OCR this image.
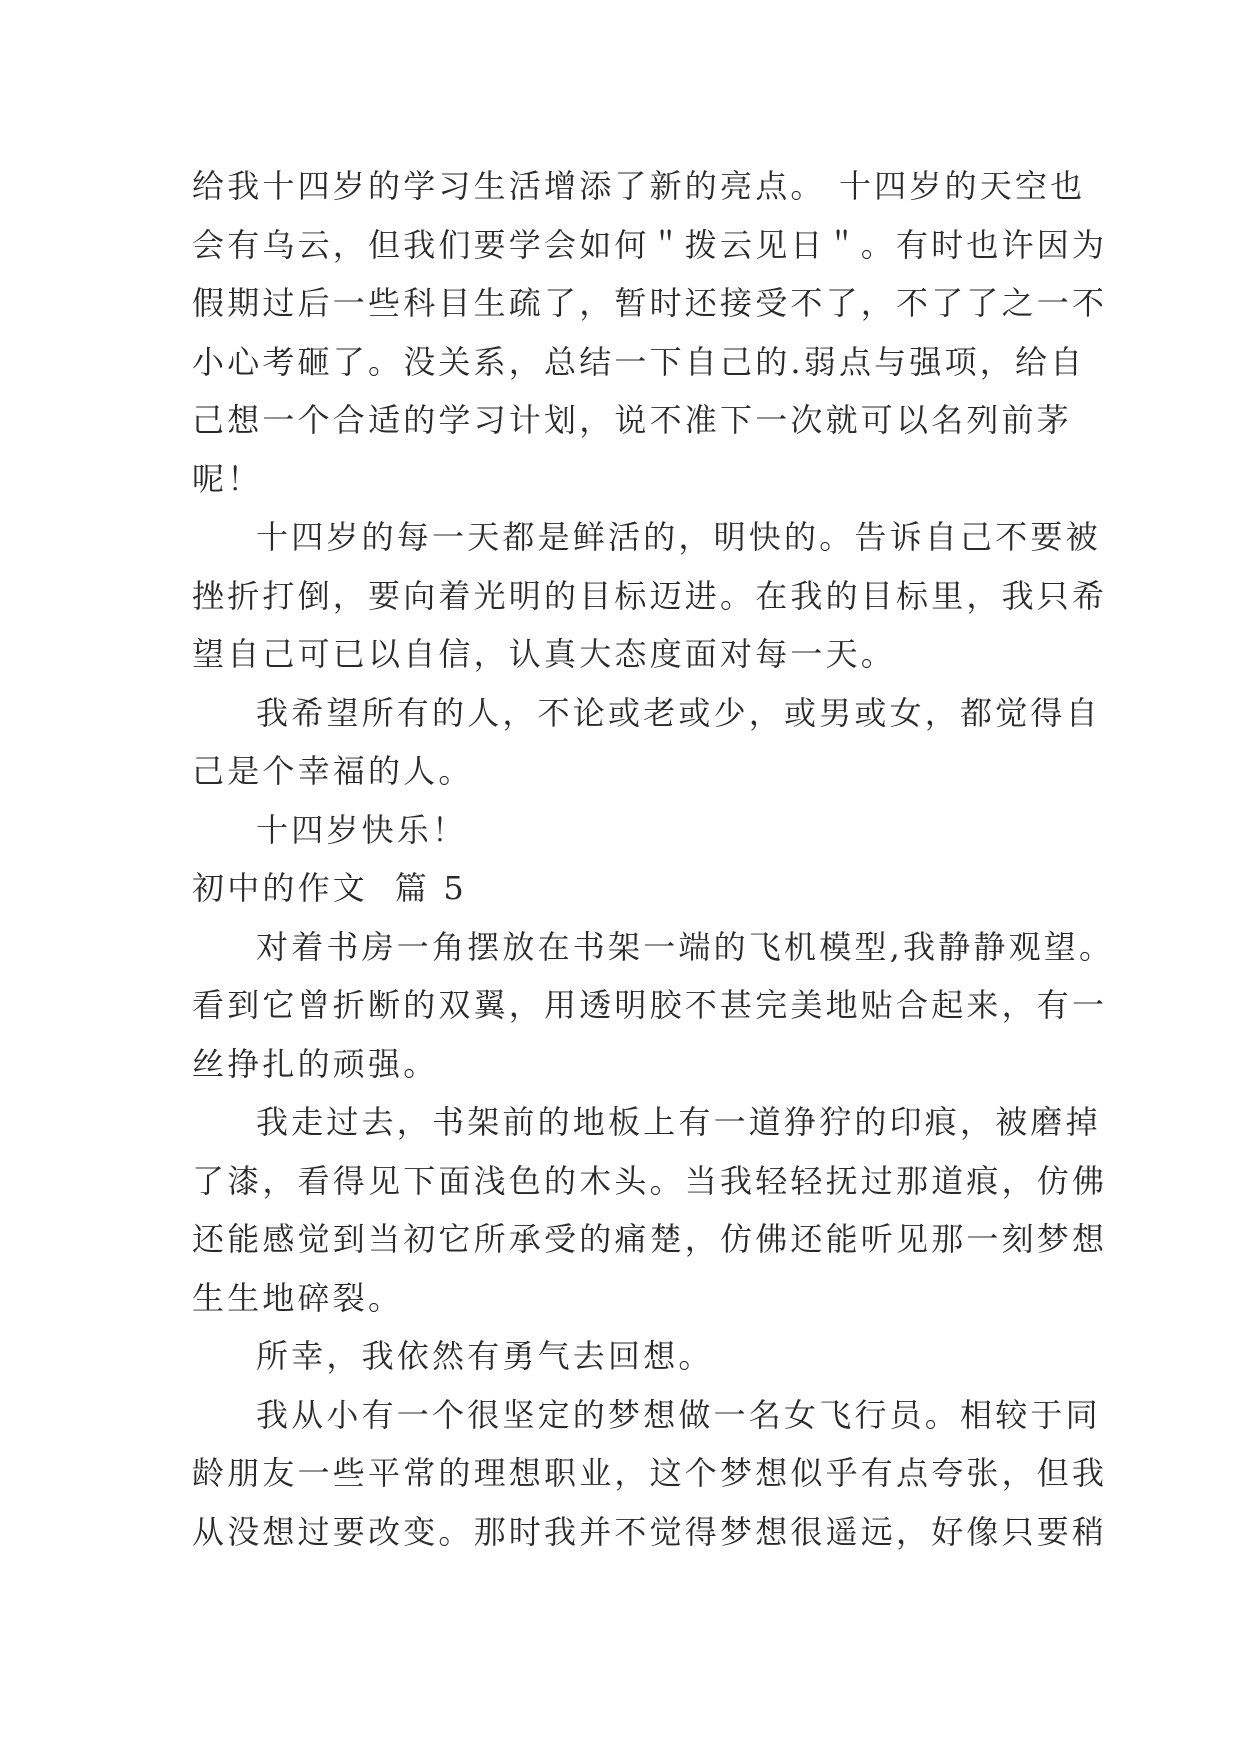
给我十四岁的学习生活增添了新的亮点。 十四岁的天空也
会有乌云，但我们要学会如何＂拨云见日＂。有时也许因为
假期过后一些科目生疏了，暂时还接受不了，不了了之一不
小心考砸了。没关系，总结一下自己的.弱点与强项，给自
己想一个合适的学习计划，说不准下一次就可以名列前茅
呢！
十四岁的每一天都是鲜活的，明快的。告诉自己不要被
挫折打倒，要向着光明的目标迈进。在我的目标里，我只希
望自己可已以自信，认真大态度面对每一天。
我希望所有的人，不论或老或少，或男或女，都觉得自
己是个幸福的人。
十四岁快乐！
初中的作文  篇 5
对着书房一角摆放在书架一端的飞机模型,我静静观望。
看到它曾折断的双翼，用透明胶不甚完美地贴合起来，有一
丝挣扎的顽强。
我走过去，书架前的地板上有一道狰狞的印痕，被磨掉
了漆，看得见下面浅色的木头。当我轻轻抚过那道痕，仿佛
还能感觉到当初它所承受的痛楚，仿佛还能听见那一刻梦想
生生地碎裂。
所幸，我依然有勇气去回想。
我从小有一个很坚定的梦想做一名女飞行员。相较于同
龄朋友一些平常的理想职业，这个梦想似乎有点夸张，但我
从没想过要改变。那时我并不觉得梦想很遥远，好像只要稍
